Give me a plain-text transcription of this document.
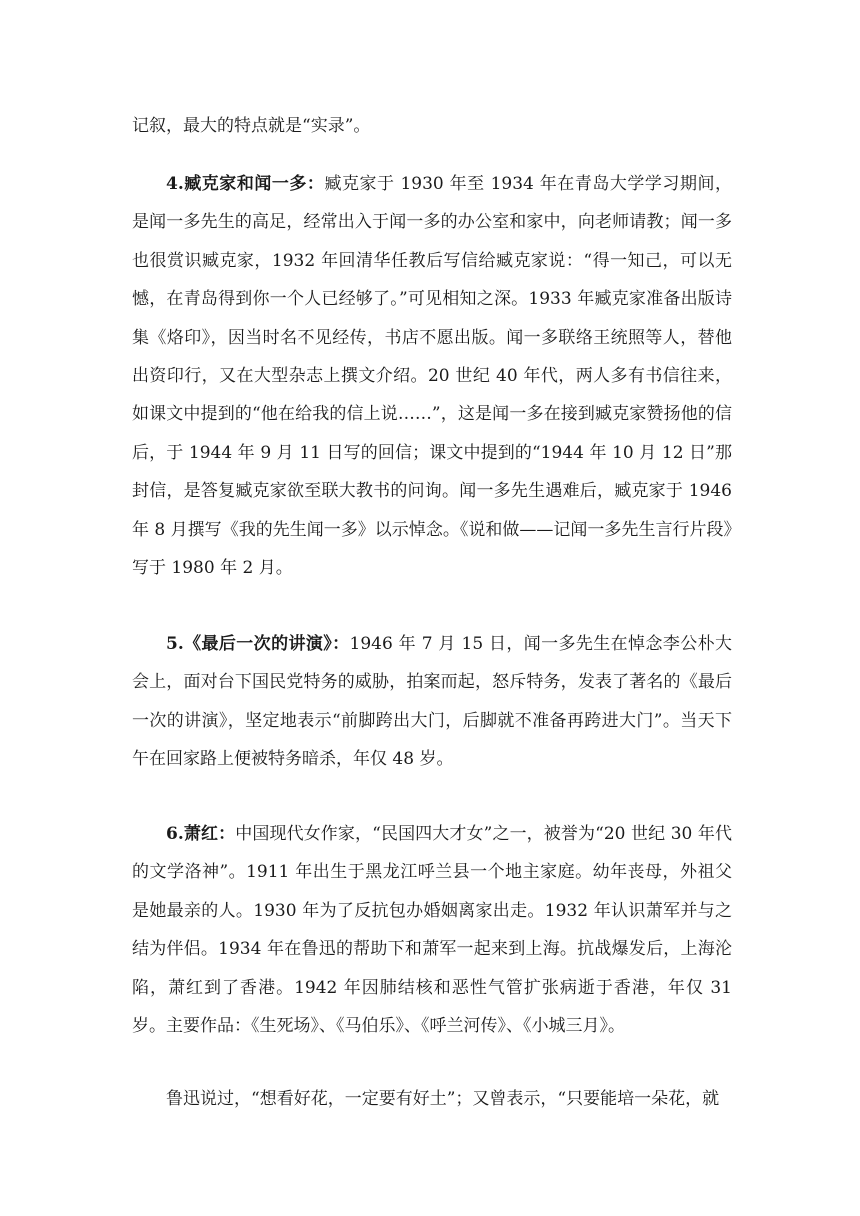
记叙，最大的特点就是“实录”。

4.臧克家和闻一多：臧克家于 1930 年至 1934 年在青岛大学学习期间，是闻一多先生的高足，经常出入于闻一多的办公室和家中，向老师请教；闻一多也很赏识臧克家，1932 年回清华任教后写信给臧克家说：“得一知己，可以无憾，在青岛得到你一个人已经够了。”可见相知之深。1933 年臧克家准备出版诗集《烙印》，因当时名不见经传，书店不愿出版。闻一多联络王统照等人，替他出资印行，又在大型杂志上撰文介绍。20 世纪 40 年代，两人多有书信往来，如课文中提到的“他在给我的信上说……”，这是闻一多在接到臧克家赞扬他的信后，于 1944 年 9 月 11 日写的回信；课文中提到的“1944 年 10 月 12 日”那封信，是答复臧克家欲至联大教书的问询。闻一多先生遇难后，臧克家于 1946 年 8 月撰写《我的先生闻一多》以示悼念。《说和做——记闻一多先生言行片段》写于 1980 年 2 月。

5.《最后一次的讲演》：1946 年 7 月 15 日，闻一多先生在悼念李公朴大会上，面对台下国民党特务的威胁，拍案而起，怒斥特务，发表了著名的《最后一次的讲演》，坚定地表示“前脚跨出大门，后脚就不准备再跨进大门”。当天下午在回家路上便被特务暗杀，年仅 48 岁。

6.萧红：中国现代女作家，“民国四大才女”之一，被誉为“20 世纪 30 年代的文学洛神”。1911 年出生于黑龙江呼兰县一个地主家庭。幼年丧母，外祖父是她最亲的人。1930 年为了反抗包办婚姻离家出走。1932 年认识萧军并与之结为伴侣。1934 年在鲁迅的帮助下和萧军一起来到上海。抗战爆发后，上海沦陷，萧红到了香港。1942 年因肺结核和恶性气管扩张病逝于香港，年仅 31 岁。主要作品：《生死场》、《马伯乐》、《呼兰河传》、《小城三月》。

鲁迅说过，“想看好花，一定要有好土”；又曾表示，“只要能培一朵花，就
